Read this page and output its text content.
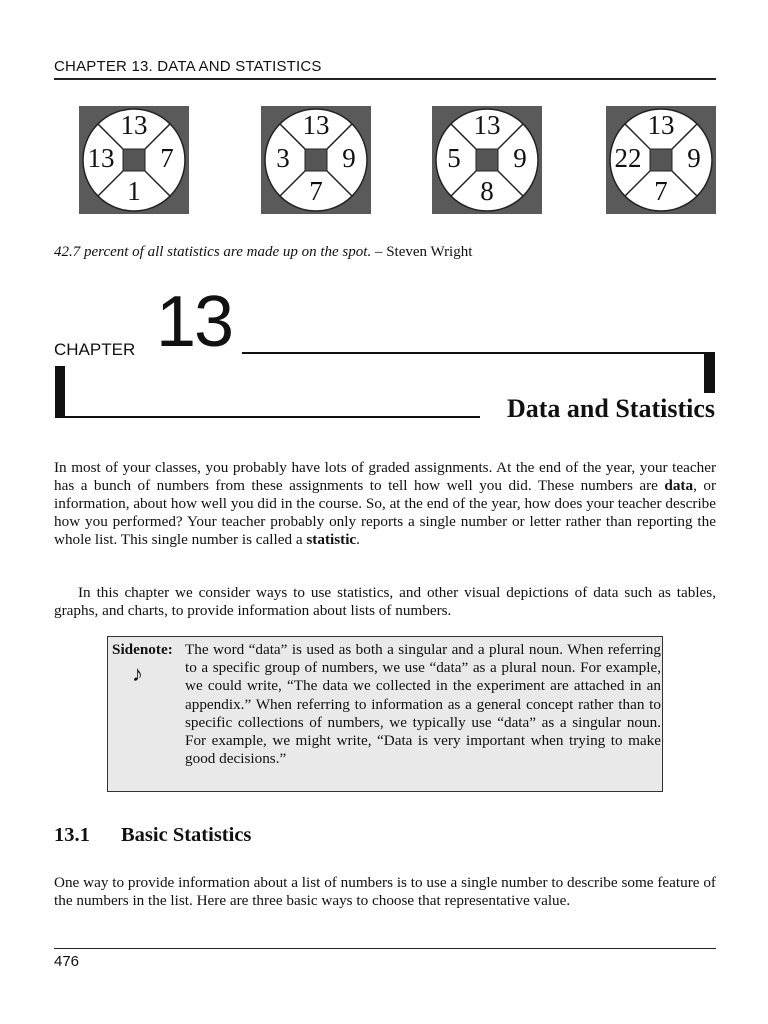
CHAPTER 13. DATA AND STATISTICS
13
13 7
1
13
3 9
7
13
5 9
8
13
22 9
7
42.7 percent of all statistics are made up on the spot. – Steven Wright
CHAPTER 13
Data and Statistics
In most of your classes, you probably have lots of graded assignments. At the end of the year, your teacher has a bunch of numbers from these assignments to tell how well you did. These numbers are data, or information, about how well you did in the course. So, at the end of the year, how does your teacher describe how you performed? Your teacher probably only reports a single number or letter rather than reporting the whole list. This single number is called a statistic.
In this chapter we consider ways to use statistics, and other visual depictions of data such as tables, graphs, and charts, to provide information about lists of numbers.
Sidenote:
♪
The word “data” is used as both a singular and a plural noun. When referring to a specific group of numbers, we use “data” as a plural noun. For example, we could write, “The data we collected in the experiment are attached in an appendix.” When referring to information as a general concept rather than to specific collections of numbers, we typically use “data” as a singular noun. For example, we might write, “Data is very important when trying to make good decisions.”
13.1 Basic Statistics
One way to provide information about a list of numbers is to use a single number to describe some feature of the numbers in the list. Here are three basic ways to choose that representative value.
476
